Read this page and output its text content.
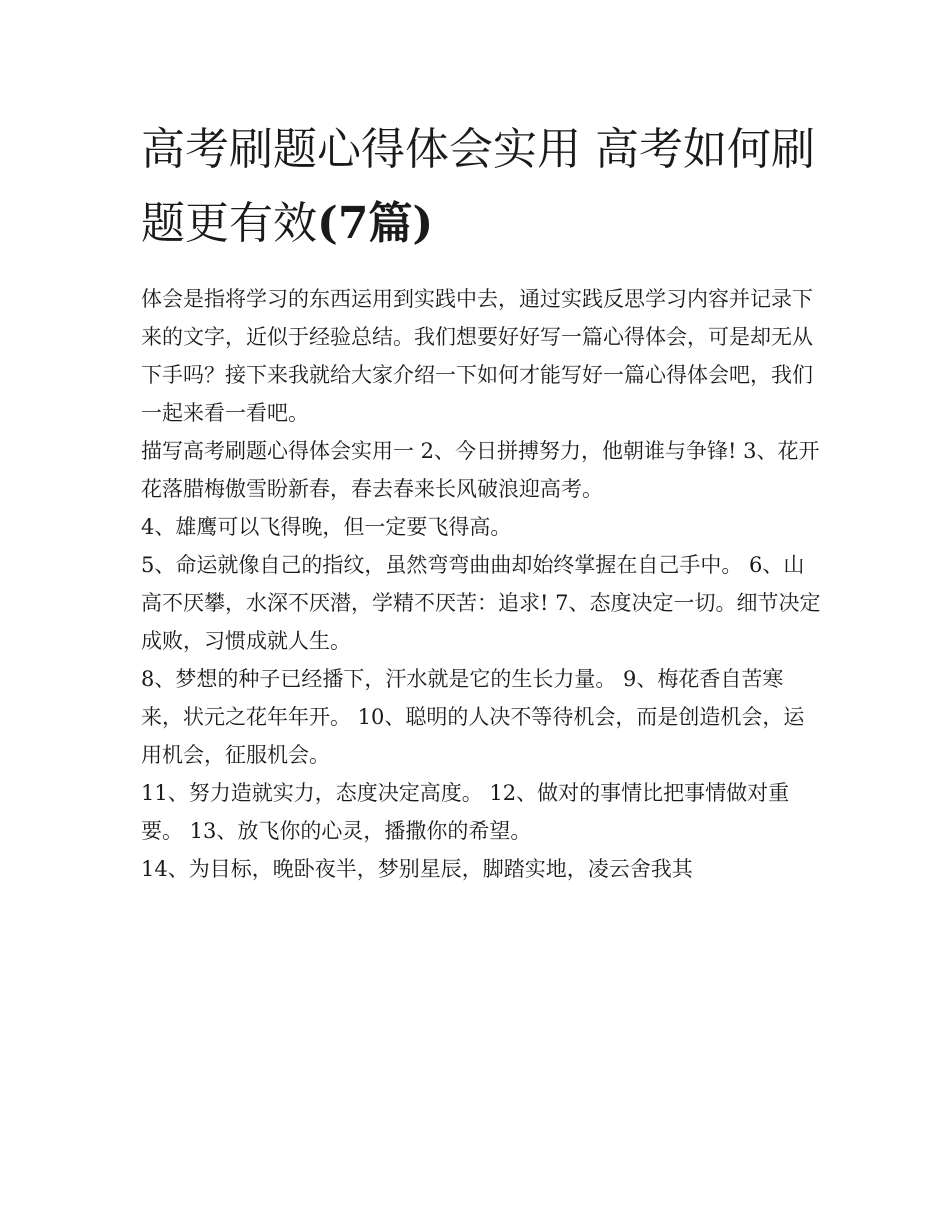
高考刷题心得体会实用 高考如何刷题更有效(7篇)

体会是指将学习的东西运用到实践中去，通过实践反思学习内容并记录下来的文字，近似于经验总结。我们想要好好写一篇心得体会，可是却无从下手吗？接下来我就给大家介绍一下如何才能写好一篇心得体会吧，我们一起来看一看吧。

描写高考刷题心得体会实用一 2、今日拼搏努力，他朝谁与争锋! 3、花开花落腊梅傲雪盼新春，春去春来长风破浪迎高考。

4、雄鹰可以飞得晚，但一定要飞得高。

5、命运就像自己的指纹，虽然弯弯曲曲却始终掌握在自己手中。 6、山高不厌攀，水深不厌潜，学精不厌苦：追求! 7、态度决定一切。细节决定成败，习惯成就人生。

8、梦想的种子已经播下，汗水就是它的生长力量。 9、梅花香自苦寒来，状元之花年年开。 10、聪明的人决不等待机会，而是创造机会，运用机会，征服机会。

11、努力造就实力，态度决定高度。 12、做对的事情比把事情做对重要。 13、放飞你的心灵，播撒你的希望。

14、为目标，晚卧夜半，梦别星辰，脚踏实地，凌云舍我其
